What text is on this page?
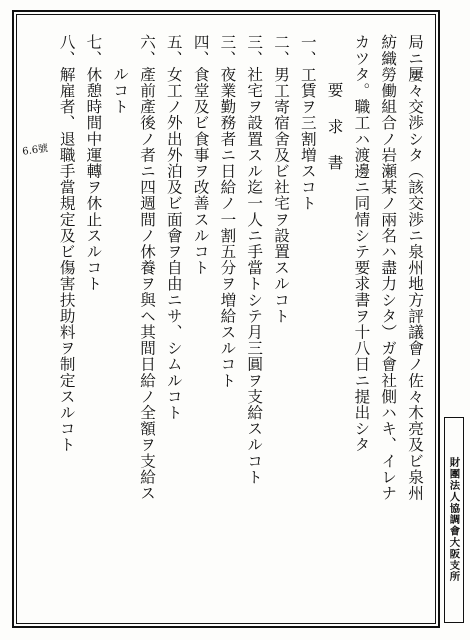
局ニ屢々交渉シタ（該交渉ニ泉州地方評議會ノ佐々木亮及ビ泉州
紡織勞働組合ノ岩瀬某ノ兩名ハ盡力シタ）ガ會社側ハキ、イレナ
カツタ。職工ハ渡邊ニ同情シテ要求書ヲ十八日ニ提出シタ
要　求　書
一、工賃ヲ三割増スコト
二、男工寄宿舍及ビ社宅ヲ設置スルコト
三、社宅ヲ設置スル迄一人ニ手當トシテ月三圓ヲ支給スルコト
三、夜業勤務者ニ日給ノ一割五分ヲ増給スルコト
四、食堂及ビ食事ヲ改善スルコト
五、女工ノ外出外泊及ビ面會ヲ自由ニサ、シムルコト
六、產前產後ノ者ニ四週間ノ休養ヲ與ヘ其間日給ノ全額ヲ支給ス
ルコト
七、休憩時間中運轉ヲ休止スルコト
八、解雇者、退職手當規定及ビ傷害扶助料ヲ制定スルコト
6.6號
財團法人協調會大阪支所
